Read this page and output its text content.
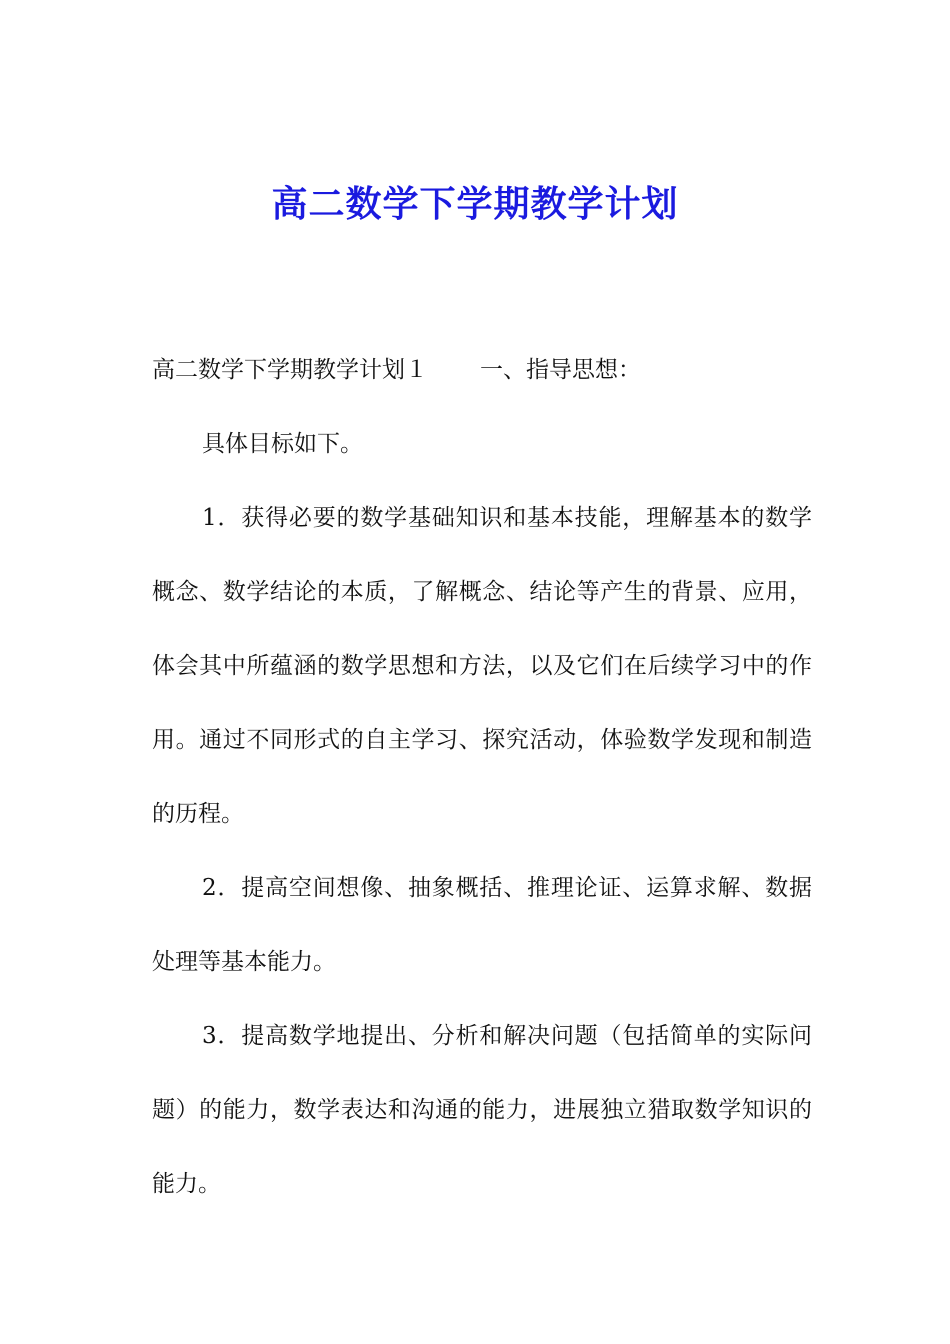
高二数学下学期教学计划

高二数学下学期教学计划１ 一、指导思想：

具体目标如下。

1．获得必要的数学基础知识和基本技能，理解基本的数学概念、数学结论的本质，了解概念、结论等产生的背景、应用，体会其中所蕴涵的数学思想和方法，以及它们在后续学习中的作用。通过不同形式的自主学习、探究活动，体验数学发现和制造的历程。

2．提高空间想像、抽象概括、推理论证、运算求解、数据处理等基本能力。

3．提高数学地提出、分析和解决问题（包括简单的实际问题）的能力，数学表达和沟通的能力，进展独立猎取数学知识的能力。
